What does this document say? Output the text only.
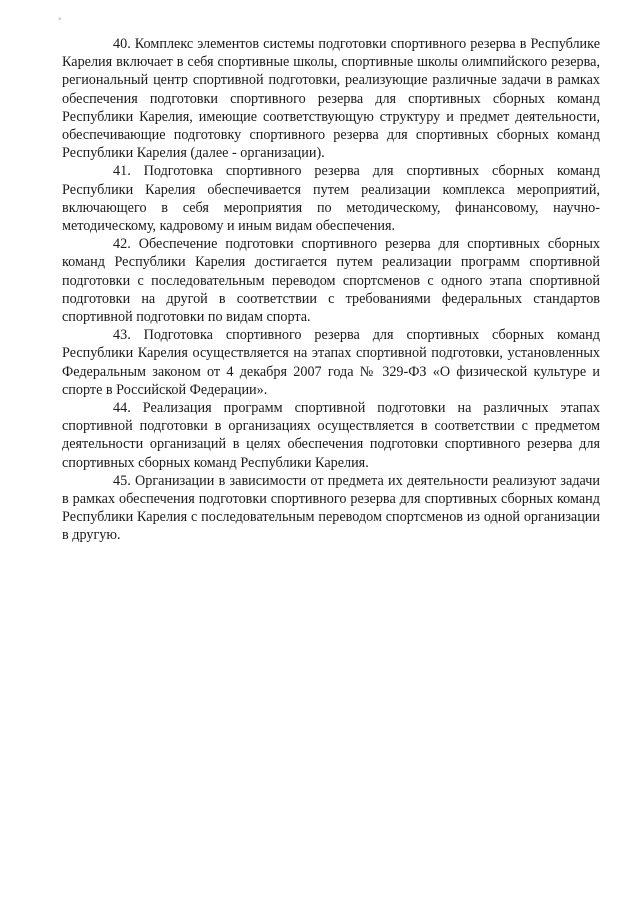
°

40. Комплекс элементов системы подготовки спортивного резерва в Республике Карелия включает в себя спортивные школы, спортивные школы олимпийского резерва, региональный центр спортивной подготовки, реализующие различные задачи в рамках обеспечения подготовки спортивного резерва для спортивных сборных команд Республики Карелия, имеющие соответствующую структуру и предмет деятельности, обеспечивающие подготовку спортивного резерва для спортивных сборных команд Республики Карелия (далее - организации).

41. Подготовка спортивного резерва для спортивных сборных команд Республики Карелия обеспечивается путем реализации комплекса мероприятий, включающего в себя мероприятия по методическому, финансовому, научно-методическому, кадровому и иным видам обеспечения.

42. Обеспечение подготовки спортивного резерва для спортивных сборных команд Республики Карелия достигается путем реализации программ спортивной подготовки с последовательным переводом спортсменов с одного этапа спортивной подготовки на другой в соответствии с требованиями федеральных стандартов спортивной подготовки по видам спорта.

43. Подготовка спортивного резерва для спортивных сборных команд Республики Карелия осуществляется на этапах спортивной подготовки, установленных Федеральным законом от 4 декабря 2007 года № 329-ФЗ «О физической культуре и спорте в Российской Федерации».

44. Реализация программ спортивной подготовки на различных этапах спортивной подготовки в организациях осуществляется в соответствии с предметом деятельности организаций в целях обеспечения подготовки спортивного резерва для спортивных сборных команд Республики Карелия.

45. Организации в зависимости от предмета их деятельности реализуют задачи в рамках обеспечения подготовки спортивного резерва для спортивных сборных команд Республики Карелия с последовательным переводом спортсменов из одной организации в другую.
